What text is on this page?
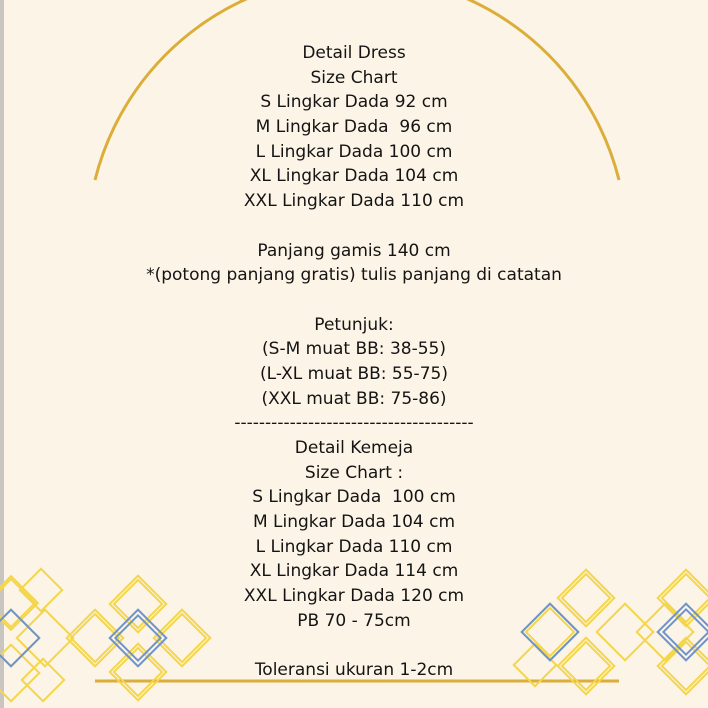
Detail Dress
Size Chart
S Lingkar Dada 92 cm
M Lingkar Dada  96 cm
L Lingkar Dada 100 cm
XL Lingkar Dada 104 cm
XXL Lingkar Dada 110 cm
Panjang gamis 140 cm
*(potong panjang gratis) tulis panjang di catatan
Petunjuk:
(S-M muat BB: 38-55)
(L-XL muat BB: 55-75)
(XXL muat BB: 75-86)
---------------------------------------
Detail Kemeja
Size Chart :
S Lingkar Dada  100 cm
M Lingkar Dada 104 cm
L Lingkar Dada 110 cm
XL Lingkar Dada 114 cm
XXL Lingkar Dada 120 cm
PB 70 - 75cm
Toleransi ukuran 1-2cm
